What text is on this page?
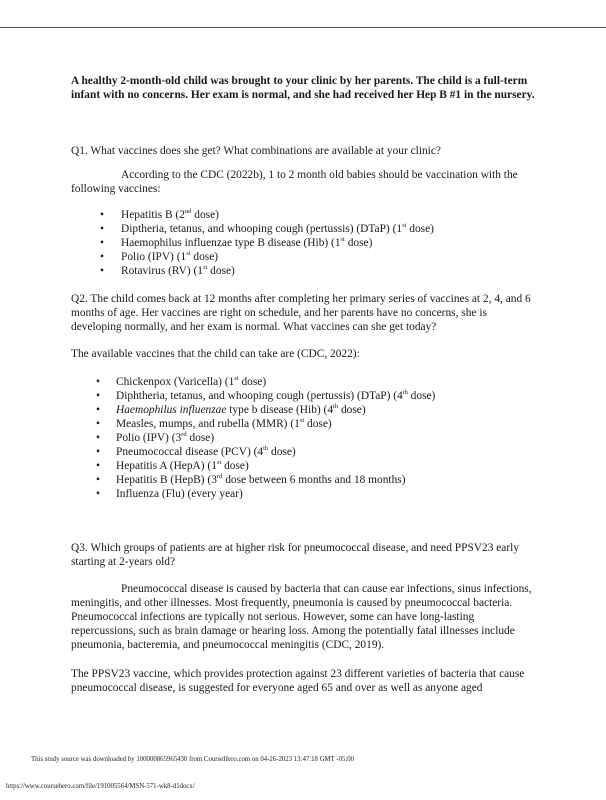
A healthy 2-month-old child was brought to your clinic by her parents. The child is a full-term infant with no concerns. Her exam is normal, and she had received her Hep B #1 in the nursery.

Q1. What vaccines does she get? What combinations are available at your clinic?

According to the CDC (2022b), 1 to 2 month old babies should be vaccination with the following vaccines:

• Hepatitis B (2nd dose)
• Diptheria, tetanus, and whooping cough (pertussis) (DTaP) (1st dose)
• Haemophilus influenzae type B disease (Hib) (1st dose)
• Polio (IPV) (1st dose)
• Rotavirus (RV) (1st dose)

Q2. The child comes back at 12 months after completing her primary series of vaccines at 2, 4, and 6 months of age. Her vaccines are right on schedule, and her parents have no concerns, she is developing normally, and her exam is normal. What vaccines can she get today?

The available vaccines that the child can take are (CDC, 2022):

• Chickenpox (Varicella) (1st dose)
• Diphtheria, tetanus, and whooping cough (pertussis) (DTaP) (4th dose)
• Haemophilus influenzae type b disease (Hib) (4th dose)
• Measles, mumps, and rubella (MMR) (1st dose)
• Polio (IPV) (3rd dose)
• Pneumococcal disease (PCV) (4th dose)
• Hepatitis A (HepA) (1st dose)
• Hepatitis B (HepB) (3rd dose between 6 months and 18 months)
• Influenza (Flu) (every year)

Q3. Which groups of patients are at higher risk for pneumococcal disease, and need PPSV23 early starting at 2-years old?

Pneumococcal disease is caused by bacteria that can cause ear infections, sinus infections, meningitis, and other illnesses. Most frequently, pneumonia is caused by pneumococcal bacteria. Pneumococcal infections are typically not serious. However, some can have long-lasting repercussions, such as brain damage or hearing loss. Among the potentially fatal illnesses include pneumonia, bacteremia, and pneumococcal meningitis (CDC, 2019).

The PPSV23 vaccine, which provides protection against 23 different varieties of bacteria that cause pneumococcal disease, is suggested for everyone aged 65 and over as well as anyone aged

This study source was downloaded by 100000865965430 from CourseHero.com on 04-26-2023 13:47:18 GMT -05:00
https://www.coursehero.com/file/191005564/MSN-571-wk8-d1docx/
